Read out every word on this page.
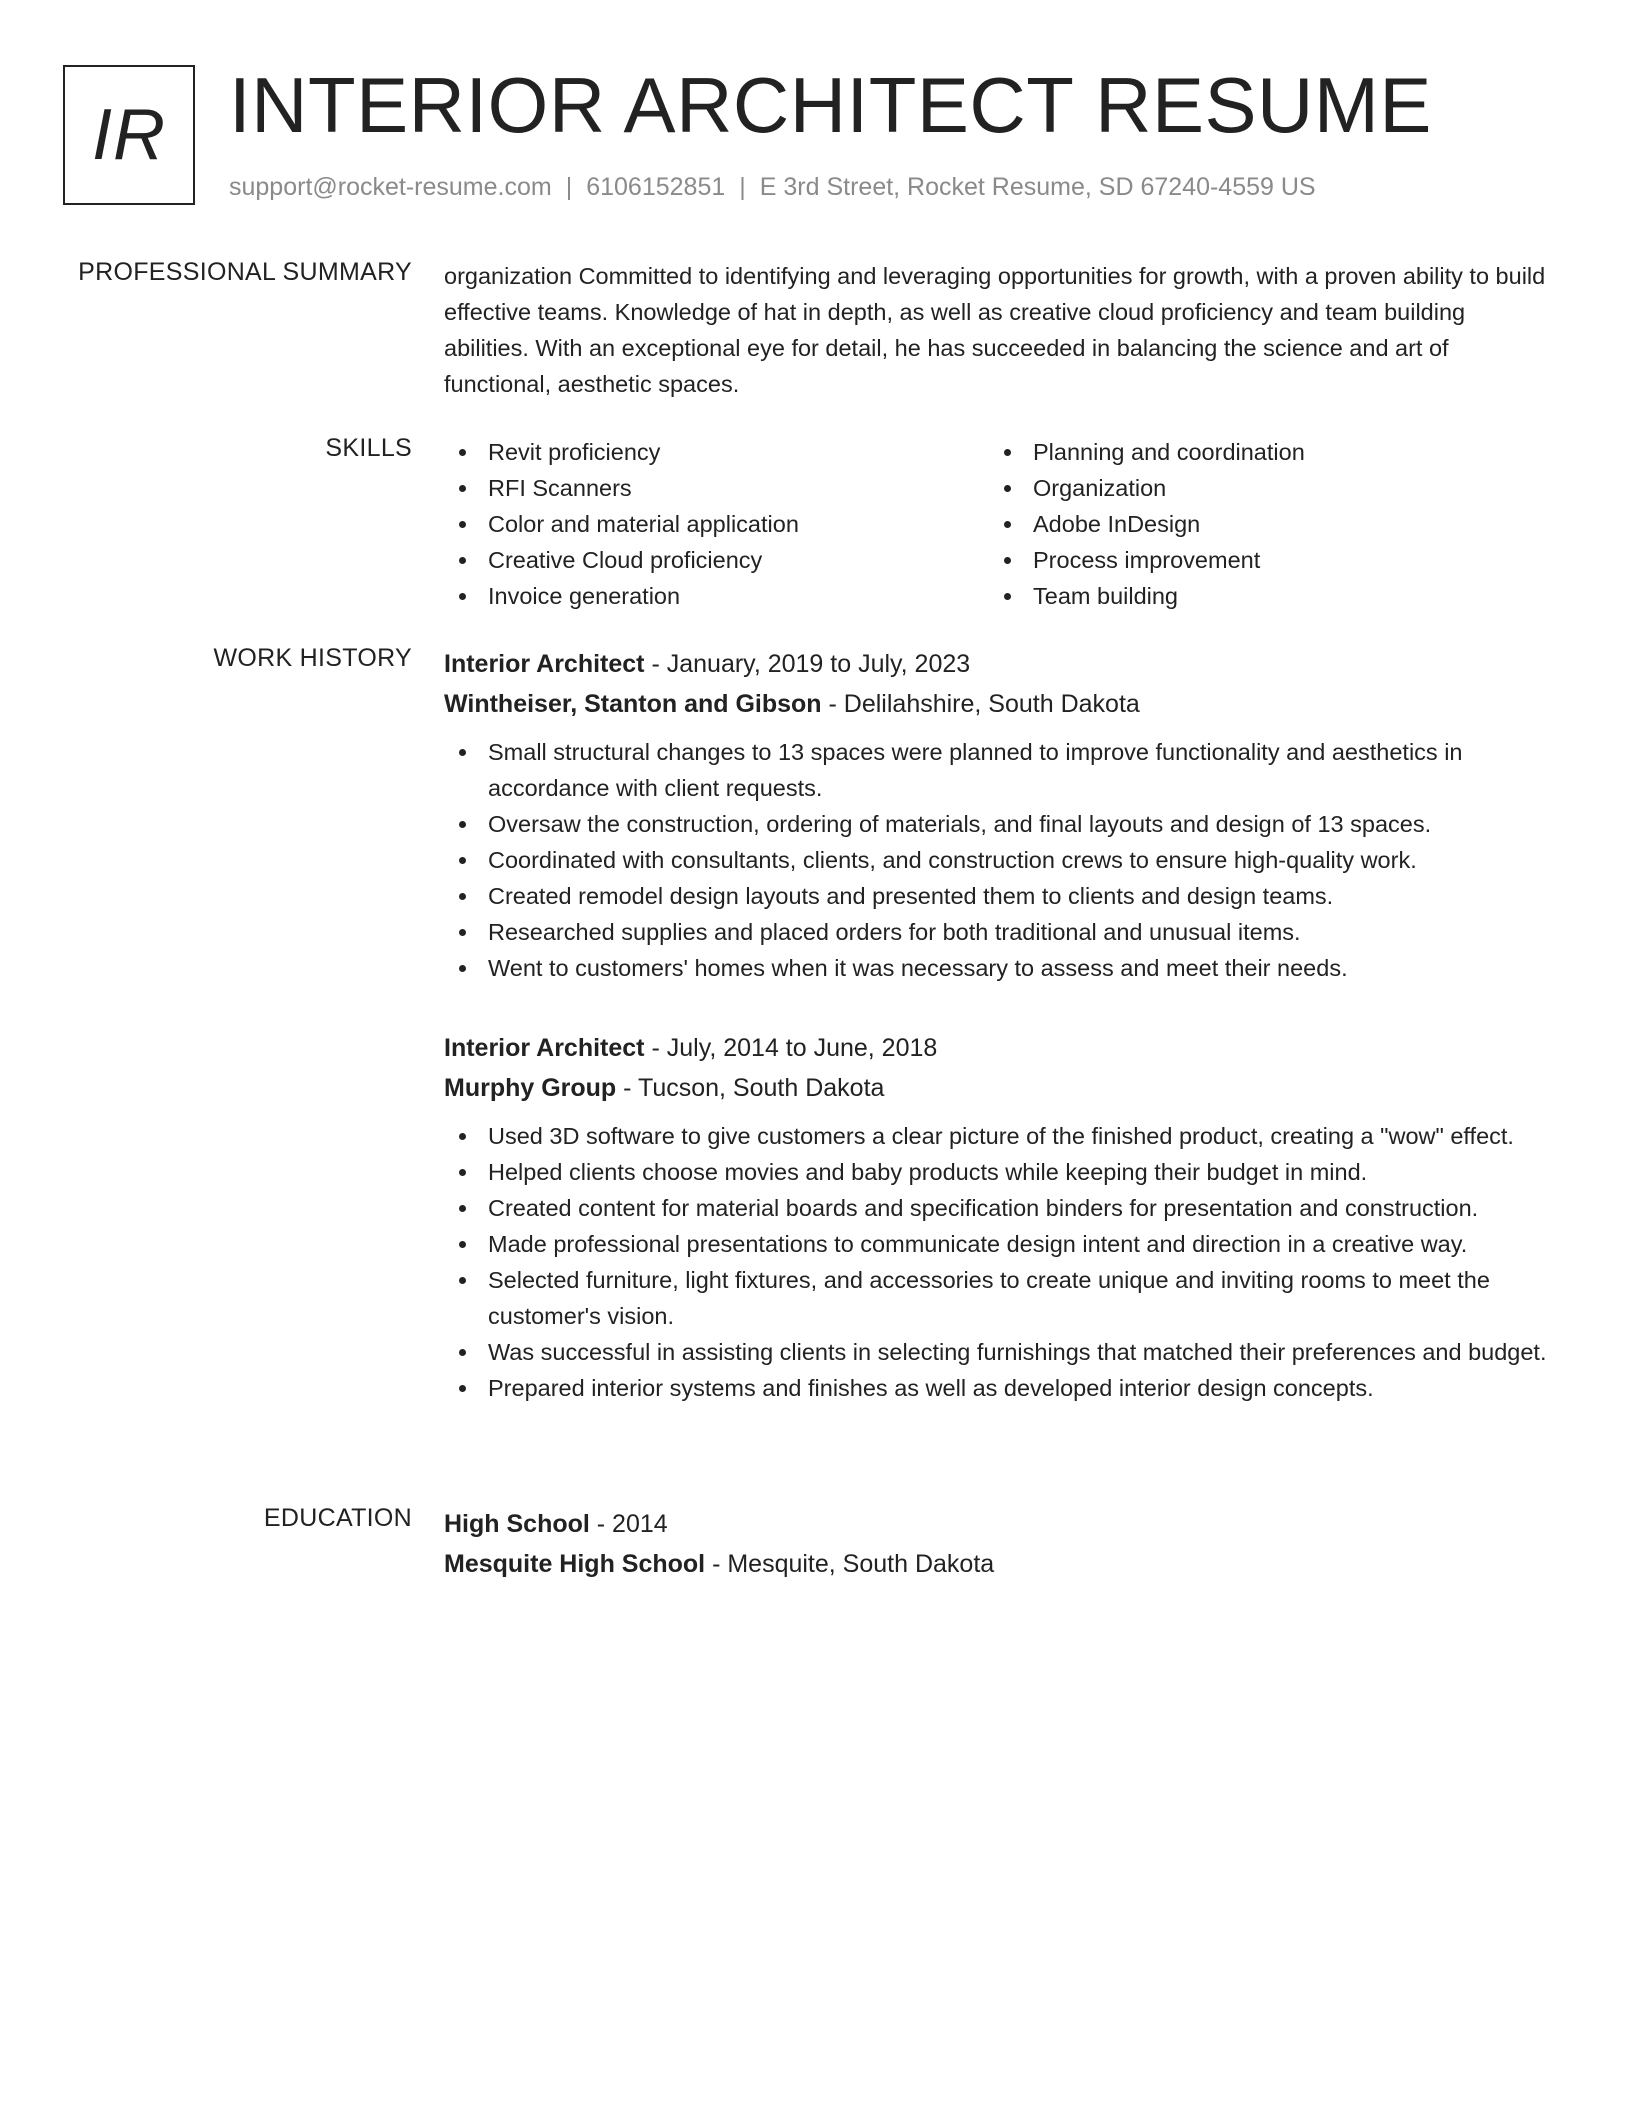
IR INTERIOR ARCHITECT RESUME
support@rocket-resume.com | 6106152851 | E 3rd Street, Rocket Resume, SD 67240-4559 US
PROFESSIONAL SUMMARY organization Committed to identifying and leveraging opportunities for growth, with a proven ability to build effective teams. Knowledge of hat in depth, as well as creative cloud proficiency and team building abilities. With an exceptional eye for detail, he has succeeded in balancing the science and art of functional, aesthetic spaces.

SKILLS	Revit proficiency
RFI Scanners
Color and material application
Creative Cloud proficiency
Invoice generation
Planning and coordination
Organization
Adobe InDesign
Process improvement
Team building
WORK HISTORY Interior Architect - January, 2019 to July, 2023
Wintheiser, Stanton and Gibson - Delilahshire, South Dakota
Small structural changes to 13 spaces were planned to improve functionality and aesthetics in accordance with client requests.
Oversaw the construction, ordering of materials, and final layouts and design of 13 spaces.
Coordinated with consultants, clients, and construction crews to ensure high-quality work.
Created remodel design layouts and presented them to clients and design teams.
Researched supplies and placed orders for both traditional and unusual items.
Went to customers' homes when it was necessary to assess and meet their needs.
Interior Architect - July, 2014 to June, 2018
Murphy Group - Tucson, South Dakota
Used 3D software to give customers a clear picture of the finished product, creating a "wow" effect.
Helped clients choose movies and baby products while keeping their budget in mind.
Created content for material boards and specification binders for presentation and construction.
Made professional presentations to communicate design intent and direction in a creative way.
Selected furniture, light fixtures, and accessories to create unique and inviting rooms to meet the customer's vision.
Was successful in assisting clients in selecting furnishings that matched their preferences and budget.
Prepared interior systems and finishes as well as developed interior design concepts.
EDUCATION High School - 2014
Mesquite High School - Mesquite, South Dakota
